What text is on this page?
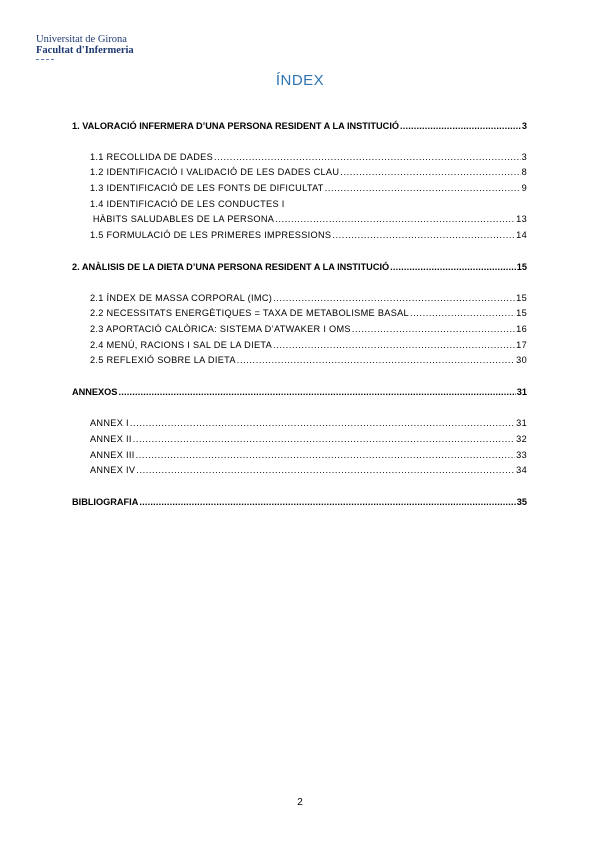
Universitat de Girona
Facultat d'Infermeria
ÍNDEX
1. VALORACIÓ INFERMERA D’UNA PERSONA RESIDENT A LA INSTITUCIÓ .....	3
1.1 RECOLLIDA DE DADES .....	3
1.2 IDENTIFICACIÓ I VALIDACIÓ DE LES DADES CLAU .....	8
1.3 IDENTIFICACIÓ DE LES FONTS DE DIFICULTAT .....	9
1.4 IDENTIFICACIÓ DE LES CONDUCTES I
HÀBITS SALUDABLES DE LA PERSONA .....	13
1.5 FORMULACIÓ DE LES PRIMERES IMPRESSIONS .....	14
2. ANÀLISIS DE LA DIETA D’UNA PERSONA RESIDENT A LA INSTITUCIÓ .....	15
2.1 ÍNDEX DE MASSA CORPORAL (IMC) .....	15
2.2 NECESSITATS ENERGÈTIQUES = TAXA DE METABOLISME BASAL .....	15
2.3 APORTACIÓ CALÒRICA: SISTEMA D’ATWAKER I OMS .....	16
2.4 MENÚ, RACIONS I SAL DE LA DIETA .....	17
2.5 REFLEXIÓ SOBRE LA DIETA .....	30
ANNEXOS .....	31
ANNEX I .....	31
ANNEX II .....	32
ANNEX III .....	33
ANNEX IV .....	34
BIBLIOGRAFIA .....	35
2
